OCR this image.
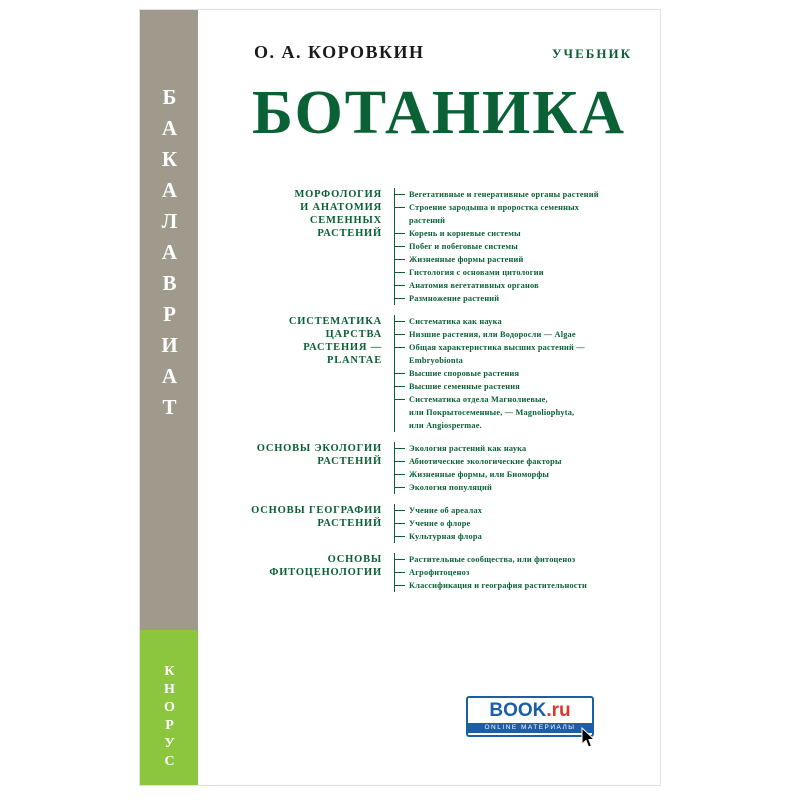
БАКАЛАВРИАТ
КНОРУС
О. А. КОРОВКИН	УЧЕБНИК
БОТАНИКА
МОРФОЛОГИЯ
И АНАТОМИЯ
СЕМЕННЫХ
РАСТЕНИЙ
Вегетативные и генеративные органы растений
Строение зародыша и проростка семенных
растений
Корень и корневые системы
Побег и побеговые системы
Жизненные формы растений
Гистология с основами цитологии
Анатомия вегетативных органов
Размножение растений
СИСТЕМАТИКА
ЦАРСТВА
РАСТЕНИЯ —
PLANTAE
Систематика как наука
Низшие растения, или Водоросли — Algae
Общая характеристика высших растений —
Embryobionta
Высшие споровые растения
Высшие семенные растения
Систематика отдела Магнолиевые,
или Покрытосеменные, — Magnoliophyta,
или Angiospermae.
ОСНОВЫ ЭКОЛОГИИ
РАСТЕНИЙ
Экология растений как наука
Абиотические экологические факторы
Жизненные формы, или Биоморфы
Экология популяций
ОСНОВЫ ГЕОГРАФИИ
РАСТЕНИЙ
Учение об ареалах
Учение о флоре
Культурная флора
ОСНОВЫ
ФИТОЦЕНОЛОГИИ
Растительные сообщества, или фитоценоз
Агрофитоценоз
Классификация и география растительности
BOOK.ru
ONLINE МАТЕРИАЛЫ
